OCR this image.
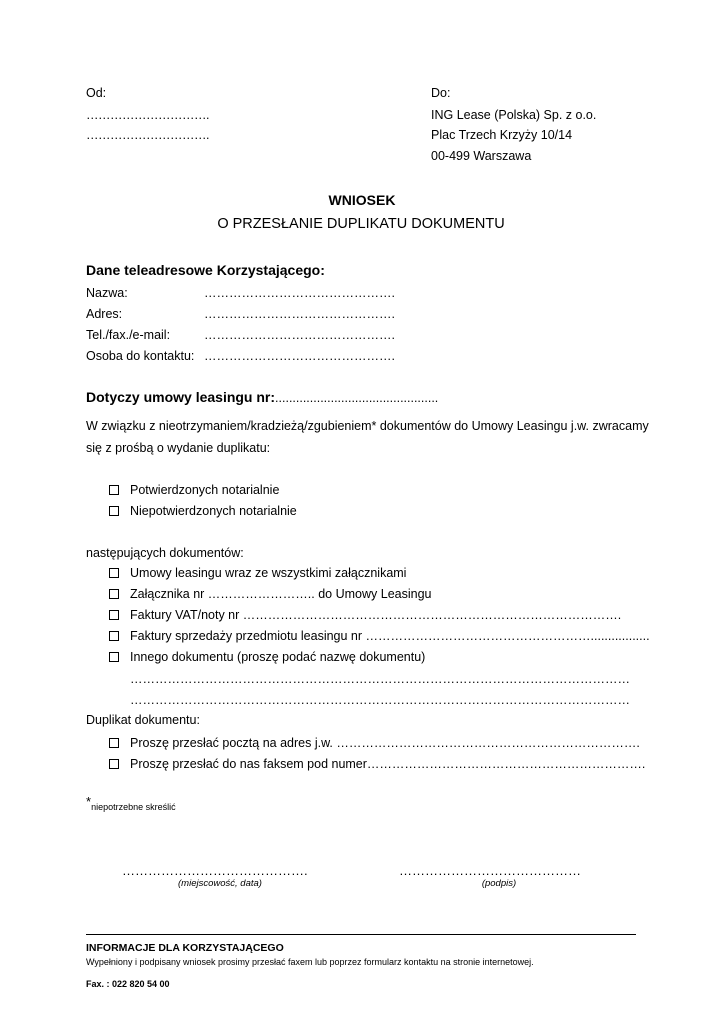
Od:
………………………….
………………………….
Do:
ING Lease (Polska) Sp. z o.o.
Plac Trzech Krzyży 10/14
00-499 Warszawa
WNIOSEK
O PRZESŁANIE DUPLIKATU DOKUMENTU
Dane teleadresowe Korzystającego:
Nazwa:	……………………………………….
Adres:	……………………………………….
Tel./fax./e-mail:	……………………………………….
Osoba do kontaktu: ……………………………………….
Dotyczy umowy leasingu nr:...............................................
W związku z nieotrzymaniem/kradzieżą/zgubieniem* dokumentów do Umowy Leasingu j.w. zwracamy
się z prośbą o wydanie duplikatu:
Potwierdzonych notarialnie
Niepotwierdzonych notarialnie
następujących dokumentów:
Umowy leasingu wraz ze wszystkimi załącznikami
Załącznika nr …………………….. do Umowy Leasingu
Faktury VAT/noty nr ……………………………………………………………………………….
Faktury sprzedaży przedmiotu leasingu nr ……………………………………………….................
Innego dokumentu (proszę podać nazwę dokumentu)
…………………………………………………………………………………………………………
…………………………………………………………………………………………………………
Duplikat dokumentu:
Proszę przesłać pocztą na adres j.w. ……………………………………………………………….
Proszę przesłać do nas faksem pod numer………………………………………………………….
*niepotrzebne skreślić
…………………………………….
(miejscowość, data)
……………………………………
(podpis)
INFORMACJE DLA KORZYSTAJĄCEGO
Wypełniony i podpisany wniosek prosimy przesłać faxem lub poprzez formularz kontaktu na stronie internetowej.
Fax. : 022 820 54 00
